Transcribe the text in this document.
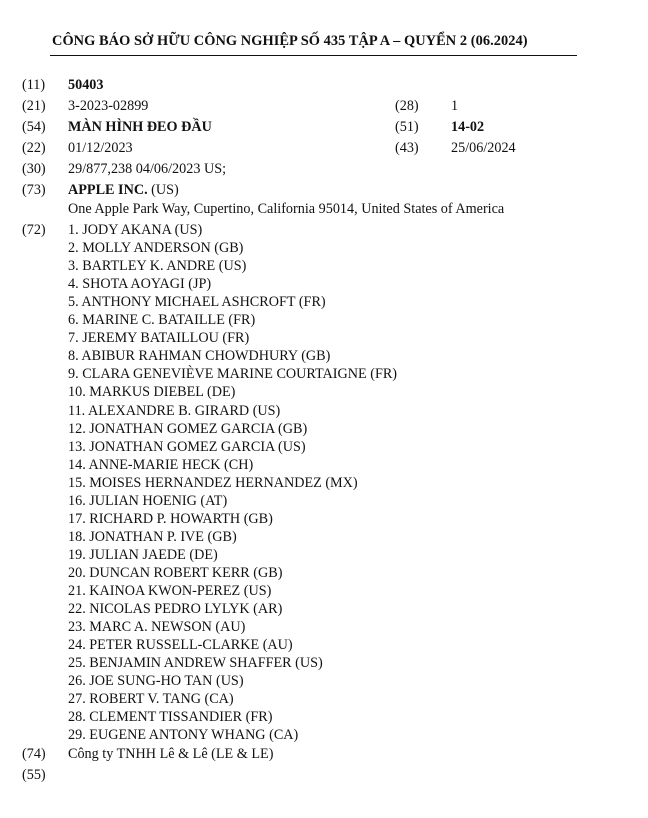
CÔNG BÁO SỞ HỮU CÔNG NGHIỆP SỐ 435 TẬP A – QUYỂN 2 (06.2024)
(11)	50403
(21)	3-2023-02899	(28)	1
(54)	MÀN HÌNH ĐEO ĐẦU	(51)	14-02
(22)	01/12/2023	(43)	25/06/2024
(30)	29/877,238 04/06/2023 US;
(73)	APPLE INC. (US)
One Apple Park Way, Cupertino, California 95014, United States of America
(72)	1. JODY AKANA (US)
2. MOLLY ANDERSON (GB)
3. BARTLEY K. ANDRE (US)
4. SHOTA AOYAGI (JP)
5. ANTHONY MICHAEL ASHCROFT (FR)
6. MARINE C. BATAILLE (FR)
7. JEREMY BATAILLOU (FR)
8. ABIBUR RAHMAN CHOWDHURY (GB)
9. CLARA GENEVIÈVE MARINE COURTAIGNE (FR)
10. MARKUS DIEBEL (DE)
11. ALEXANDRE B. GIRARD (US)
12. JONATHAN GOMEZ GARCIA (GB)
13. JONATHAN GOMEZ GARCIA (US)
14. ANNE-MARIE HECK (CH)
15. MOISES HERNANDEZ HERNANDEZ (MX)
16. JULIAN HOENIG (AT)
17. RICHARD P. HOWARTH (GB)
18. JONATHAN P. IVE (GB)
19. JULIAN JAEDE (DE)
20. DUNCAN ROBERT KERR (GB)
21. KAINOA KWON-PEREZ (US)
22. NICOLAS PEDRO LYLYK (AR)
23. MARC A. NEWSON (AU)
24. PETER RUSSELL-CLARKE (AU)
25. BENJAMIN ANDREW SHAFFER (US)
26. JOE SUNG-HO TAN (US)
27. ROBERT V. TANG (CA)
28. CLEMENT TISSANDIER (FR)
29. EUGENE ANTONY WHANG (CA)
(74)	Công ty TNHH Lê & Lê (LE & LE)
(55)
